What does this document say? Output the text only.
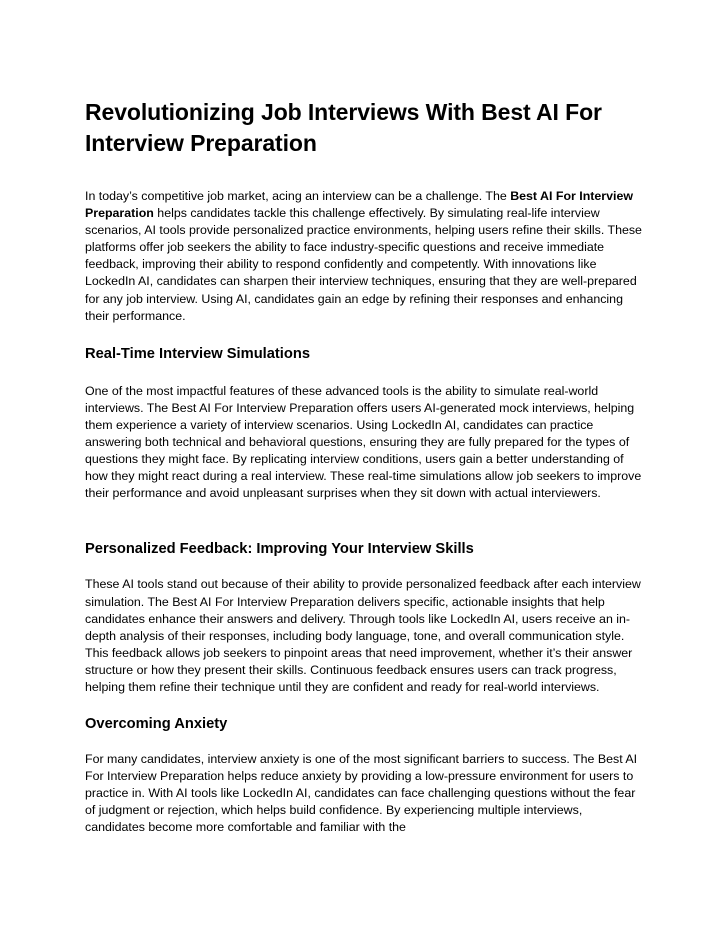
Revolutionizing Job Interviews With Best AI For Interview Preparation

In today’s competitive job market, acing an interview can be a challenge. The Best AI For Interview Preparation helps candidates tackle this challenge effectively. By simulating real-life interview scenarios, AI tools provide personalized practice environments, helping users refine their skills. These platforms offer job seekers the ability to face industry-specific questions and receive immediate feedback, improving their ability to respond confidently and competently. With innovations like LockedIn AI, candidates can sharpen their interview techniques, ensuring that they are well-prepared for any job interview. Using AI, candidates gain an edge by refining their responses and enhancing their performance.

Real-Time Interview Simulations

One of the most impactful features of these advanced tools is the ability to simulate real-world interviews. The Best AI For Interview Preparation offers users AI-generated mock interviews, helping them experience a variety of interview scenarios. Using LockedIn AI, candidates can practice answering both technical and behavioral questions, ensuring they are fully prepared for the types of questions they might face. By replicating interview conditions, users gain a better understanding of how they might react during a real interview. These real-time simulations allow job seekers to improve their performance and avoid unpleasant surprises when they sit down with actual interviewers.

Personalized Feedback: Improving Your Interview Skills

These AI tools stand out because of their ability to provide personalized feedback after each interview simulation. The Best AI For Interview Preparation delivers specific, actionable insights that help candidates enhance their answers and delivery. Through tools like LockedIn AI, users receive an in-depth analysis of their responses, including body language, tone, and overall communication style. This feedback allows job seekers to pinpoint areas that need improvement, whether it’s their answer structure or how they present their skills. Continuous feedback ensures users can track progress, helping them refine their technique until they are confident and ready for real-world interviews.

Overcoming Anxiety

For many candidates, interview anxiety is one of the most significant barriers to success. The Best AI For Interview Preparation helps reduce anxiety by providing a low-pressure environment for users to practice in. With AI tools like LockedIn AI, candidates can face challenging questions without the fear of judgment or rejection, which helps build confidence. By experiencing multiple interviews, candidates become more comfortable and familiar with the
